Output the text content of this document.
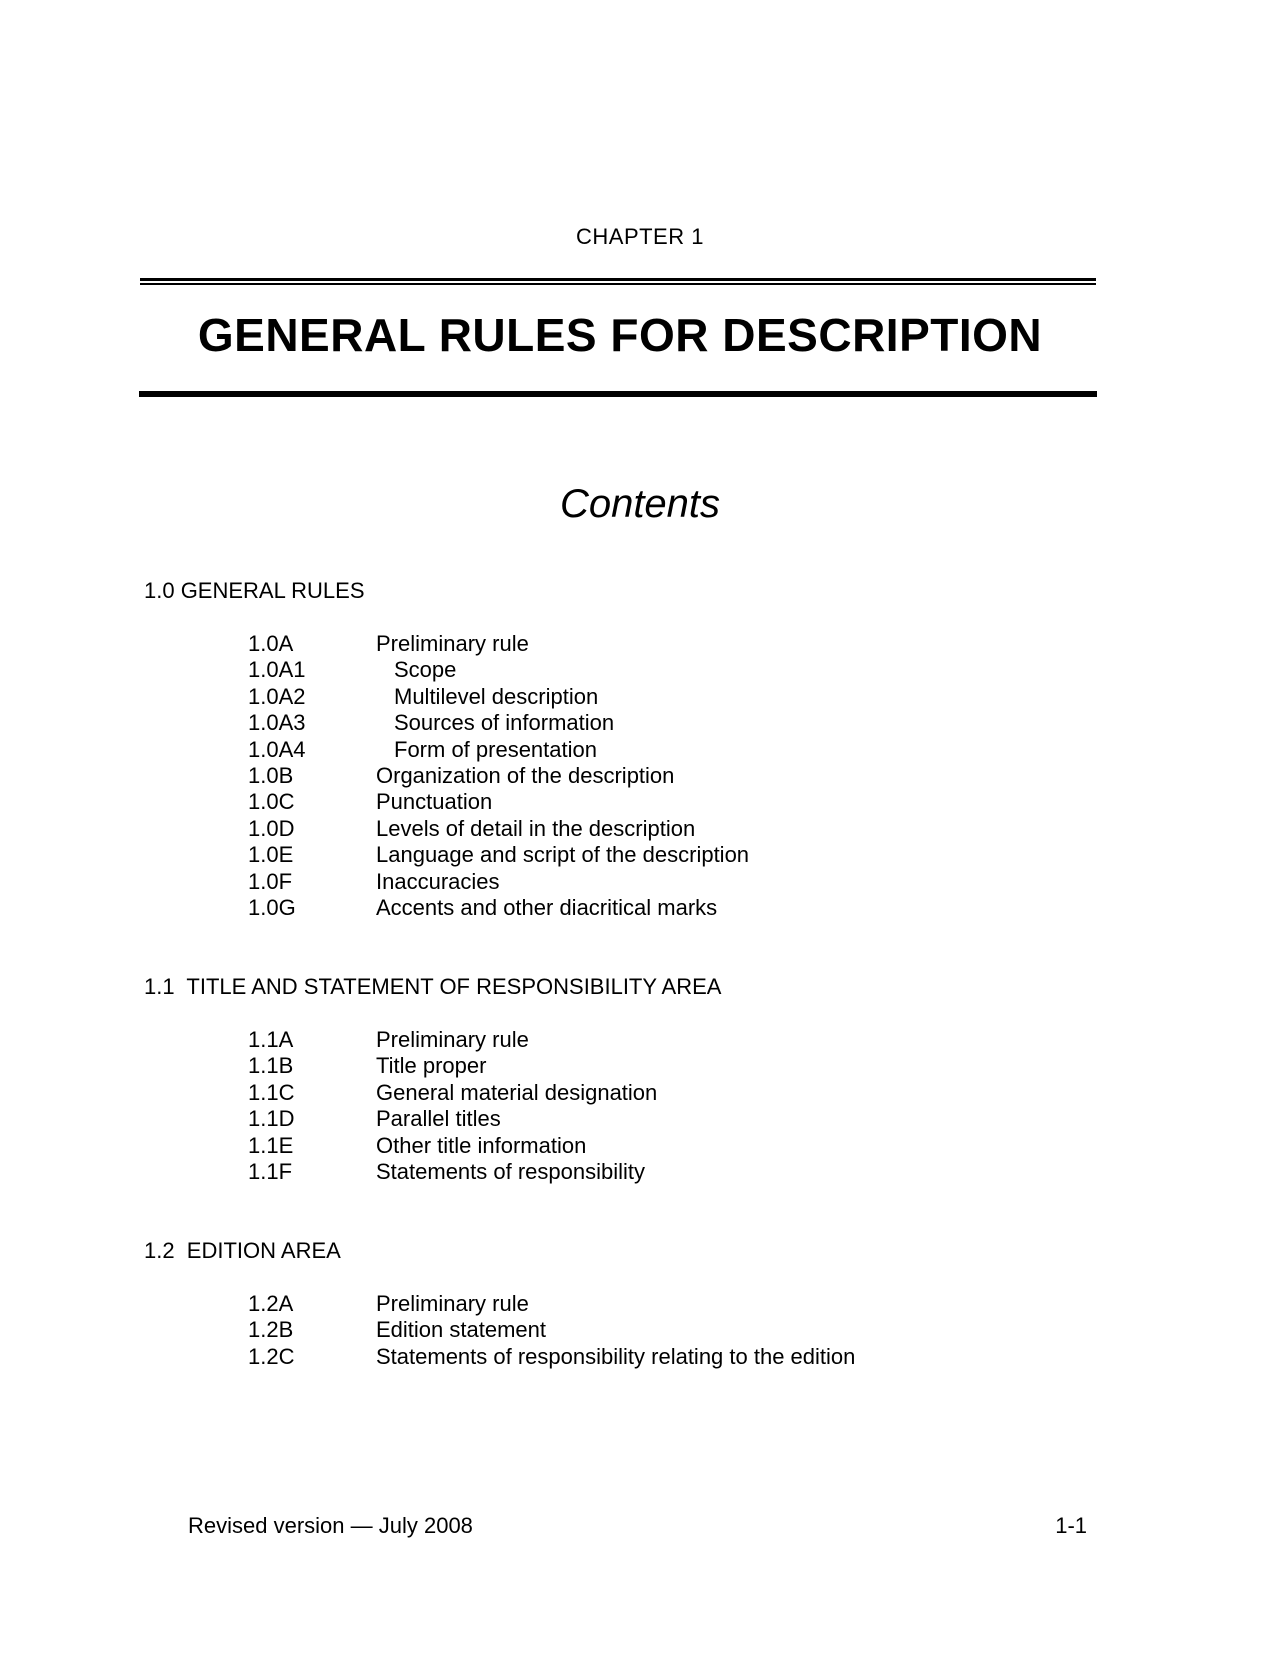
CHAPTER 1
GENERAL RULES FOR DESCRIPTION
Contents
1.0 GENERAL RULES
1.0A	Preliminary rule
1.0A1	Scope
1.0A2	Multilevel description
1.0A3	Sources of information
1.0A4	Form of presentation
1.0B	Organization of the description
1.0C	Punctuation
1.0D	Levels of detail in the description
1.0E	Language and script of the description
1.0F	Inaccuracies
1.0G	Accents and other diacritical marks
1.1  TITLE AND STATEMENT OF RESPONSIBILITY AREA
1.1A	Preliminary rule
1.1B	Title proper
1.1C	General material designation
1.1D	Parallel titles
1.1E	Other title information
1.1F	Statements of responsibility
1.2  EDITION AREA
1.2A	Preliminary rule
1.2B	Edition statement
1.2C	Statements of responsibility relating to the edition
Revised version — July 2008	1-1
